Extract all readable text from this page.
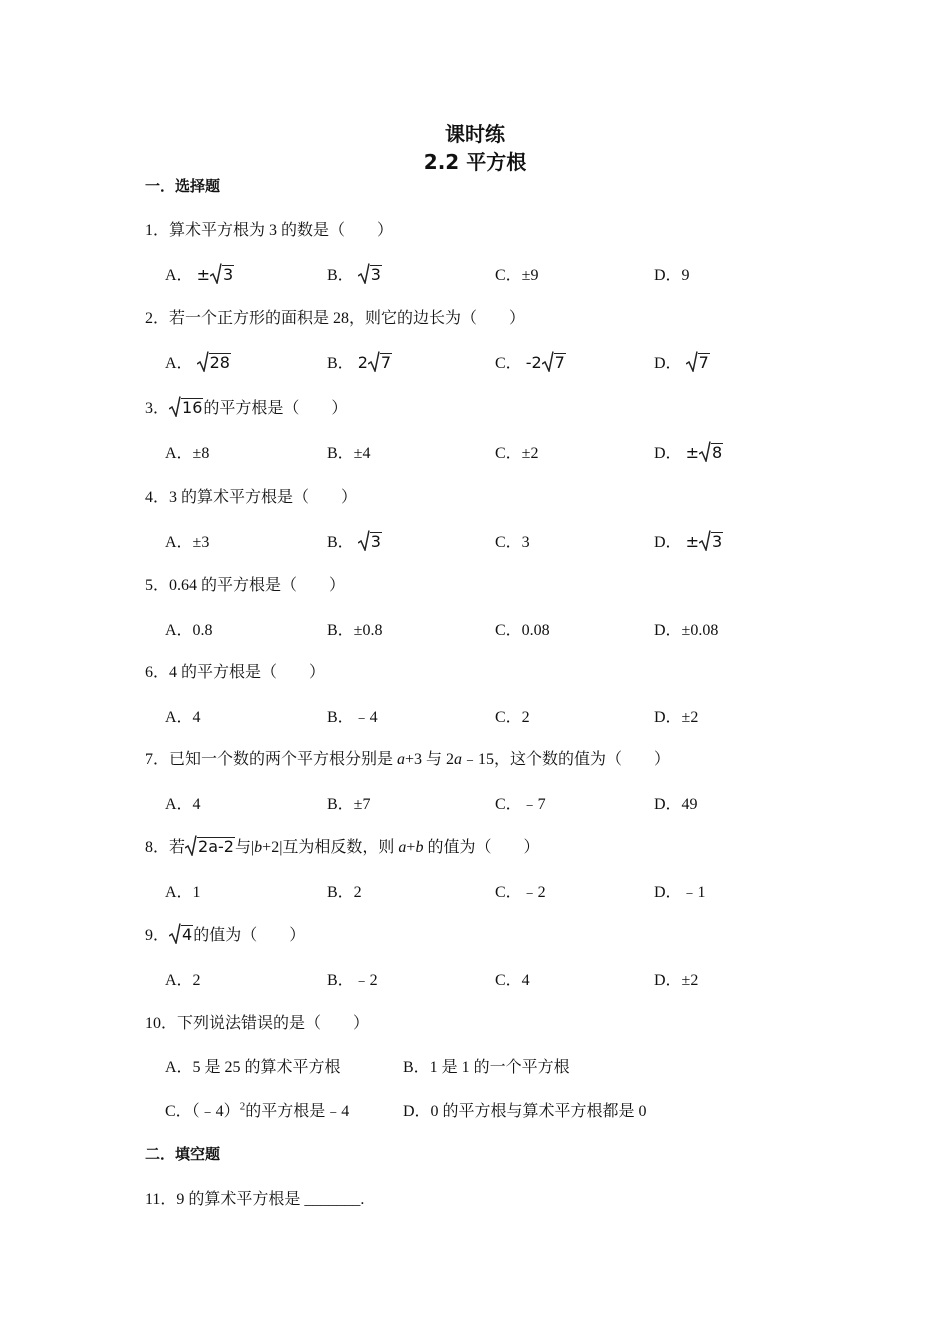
课时练
2.2 平方根
一．选择题
1．算术平方根为 3 的数是（　　）
A． ± 3	B． 3	C．±9	D．9
2．若一个正方形的面积是 28，则它的边长为（　　）
A． 28	B． 2 7	C． -2 7	D． 7
3． 16 的平方根是（　　）
A．±8	B．±4	C．±2	D． ± 8
4．3 的算术平方根是（　　）
A．±3	B． 3	C．3	D． ± 3
5．0.64 的平方根是（　　）
A．0.8	B．±0.8	C．0.08	D．±0.08
6．4 的平方根是（　　）
A．4	B．﹣4	C．2	D．±2
7．已知一个数的两个平方根分别是 a+3 与 2a﹣15，这个数的值为（　　）
A．4	B．±7	C．﹣7	D．49
8．若 2a-2 与|b+2|互为相反数，则 a+b 的值为（　　）
A．1	B．2	C．﹣2	D．﹣1
9． 4 的值为（　　）
A．2	B．﹣2	C．4	D．±2
10．下列说法错误的是（　　）
A．5 是 25 的算术平方根	B．1 是 1 的一个平方根
C．（﹣4）$^2$的平方根是﹣4	D．0 的平方根与算术平方根都是 0
二．填空题
11．9 的算术平方根是 _______.
